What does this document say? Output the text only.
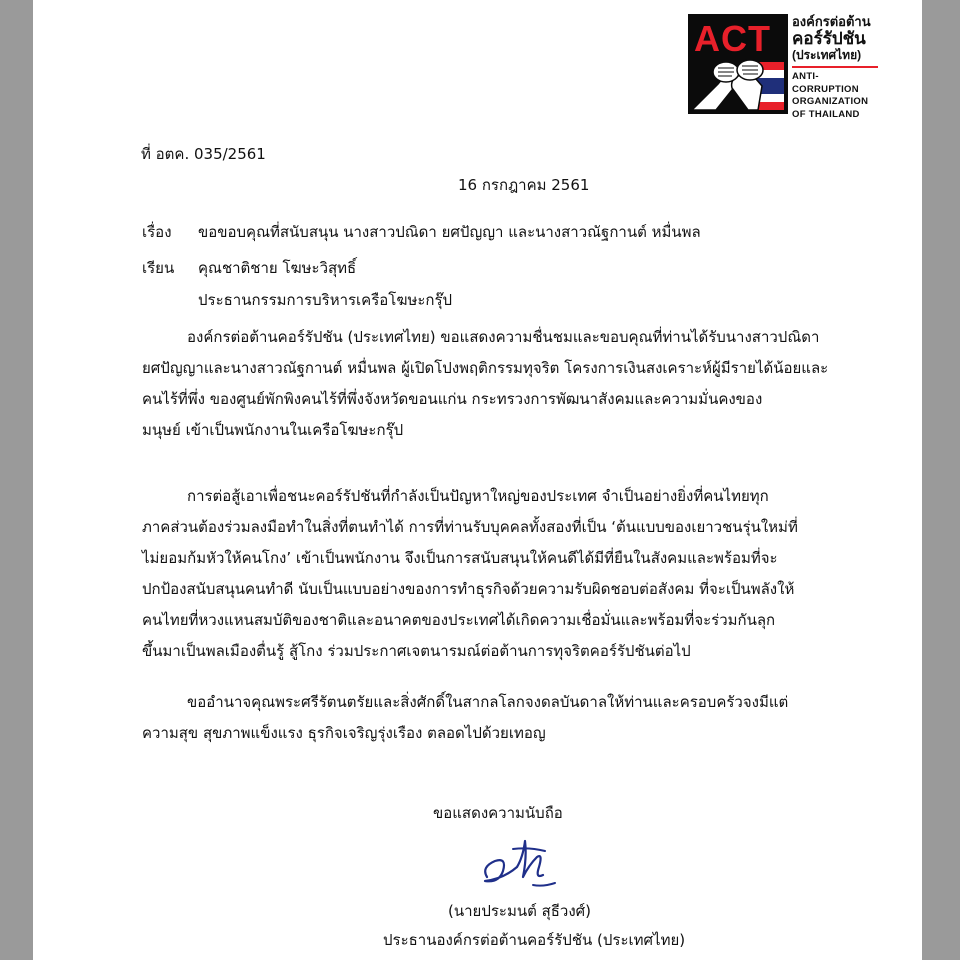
ACT องค์กรต่อต้าน
คอร์รัปชัน
(ประเทศไทย)
ANTI-CORRUPTION
ORGANIZATION
OF THAILAND
ที่ อตค. 035/2561
16 กรกฎาคม 2561
เรื่อง ขอขอบคุณที่สนับสนุน นางสาวปณิดา ยศปัญญา และนางสาวณัฐกานต์ หมื่นพล
เรียน คุณชาติชาย โฆษะวิสุทธิ์
ประธานกรรมการบริหารเครือโฆษะกรุ๊ป
องค์กรต่อต้านคอร์รัปชัน (ประเทศไทย) ขอแสดงความชื่นชมและขอบคุณที่ท่านได้รับนางสาวปณิดา
ยศปัญญาและนางสาวณัฐกานต์ หมื่นพล ผู้เปิดโปงพฤติกรรมทุจริต โครงการเงินสงเคราะห์ผู้มีรายได้น้อยและ
คนไร้ที่พึ่ง ของศูนย์พักพิงคนไร้ที่พึ่งจังหวัดขอนแก่น กระทรวงการพัฒนาสังคมและความมั่นคงของ
มนุษย์ เข้าเป็นพนักงานในเครือโฆษะกรุ๊ป
การต่อสู้เอาเพื่อชนะคอร์รัปชันที่กำลังเป็นปัญหาใหญ่ของประเทศ จำเป็นอย่างยิ่งที่คนไทยทุก
ภาคส่วนต้องร่วมลงมือทำในสิ่งที่ตนทำได้ การที่ท่านรับบุคคลทั้งสองที่เป็น ‘ต้นแบบของเยาวชนรุ่นใหม่ที่
ไม่ยอมก้มหัวให้คนโกง’ เข้าเป็นพนักงาน จึงเป็นการสนับสนุนให้คนดีได้มีที่ยืนในสังคมและพร้อมที่จะ
ปกป้องสนับสนุนคนทำดี นับเป็นแบบอย่างของการทำธุรกิจด้วยความรับผิดชอบต่อสังคม ที่จะเป็นพลังให้
คนไทยที่หวงแหนสมบัติของชาติและอนาคตของประเทศได้เกิดความเชื่อมั่นและพร้อมที่จะร่วมกันลุก
ขึ้นมาเป็นพลเมืองตื่นรู้ สู้โกง ร่วมประกาศเจตนารมณ์ต่อต้านการทุจริตคอร์รัปชันต่อไป
ขออำนาจคุณพระศรีรัตนตรัยและสิ่งศักดิ์ในสากลโลกจงดลบันดาลให้ท่านและครอบครัวจงมีแต่
ความสุข สุขภาพแข็งแรง ธุรกิจเจริญรุ่งเรือง ตลอดไปด้วยเทอญ
ขอแสดงความนับถือ
(นายประมนต์ สุธีวงศ์)
ประธานองค์กรต่อต้านคอร์รัปชัน (ประเทศไทย)
